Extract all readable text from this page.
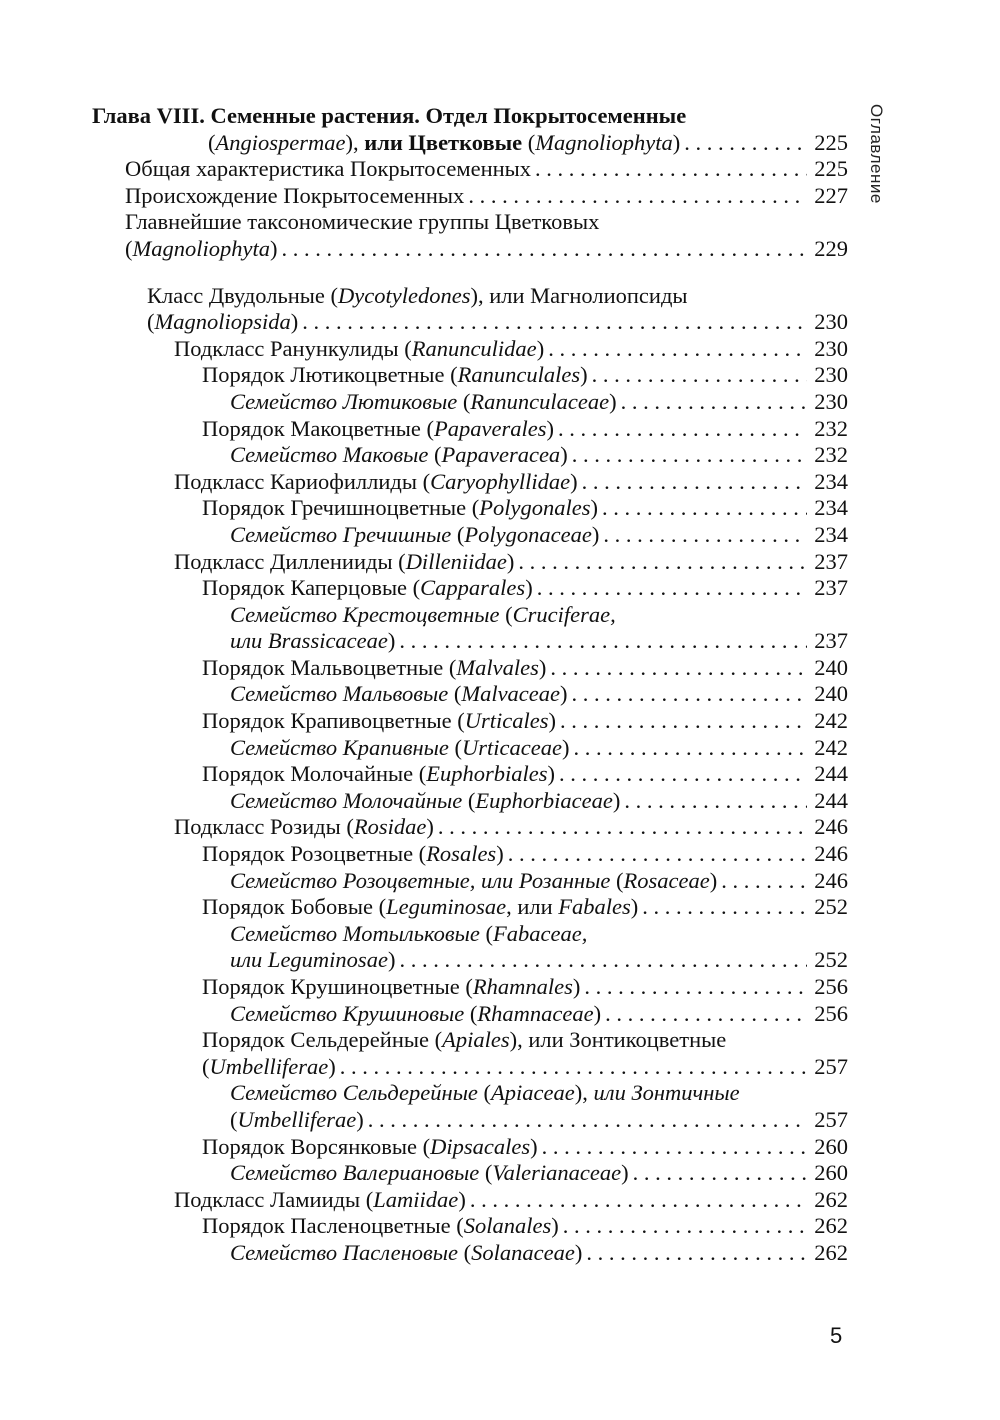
Оглавление
Глава VIII. Семенные растения. Отдел Покрытосеменные
(Angiospermae), или Цветковые (Magnoliophyta) . . .	225
Общая характеристика Покрытосеменных . . .	225
Происхождение Покрытосеменных . . .	227
Главнейшие таксономические группы Цветковых
(Magnoliophyta) . . .	229
Класс Двудольные (Dycotyledones), или Магнолиопсиды
(Magnoliopsida) . . .	230
Подкласс Ранункулиды (Ranunculidae) . . .	230
Порядок Лютикоцветные (Ranunculales) . . .	230
Семейство Лютиковые (Ranunculaceae) . . .	230
Порядок Макоцветные (Papaverales) . . .	232
Семейство Маковые (Papaveracea) . . .	232
Подкласс Кариофиллиды (Caryophyllidae) . . .	234
Порядок Гречишноцветные (Polygonales) . . .	234
Семейство Гречишные (Polygonaceae) . . .	234
Подкласс Дилленииды (Dilleniidae) . . .	237
Порядок Каперцовые (Capparales) . . .	237
Семейство Крестоцветные (Cruciferae,
или Brassicaceae) . . .	237
Порядок Мальвоцветные (Malvales) . . .	240
Семейство Мальвовые (Malvaceae) . . .	240
Порядок Крапивоцветные (Urticales) . . .	242
Семейство Крапивные (Urticaceae) . . .	242
Порядок Молочайные (Euphorbiales) . . .	244
Семейство Молочайные (Euphorbiaceae) . . .	244
Подкласс Розиды (Rosidae) . . .	246
Порядок Розоцветные (Rosales) . . .	246
Семейство Розоцветные, или Розанные (Rosaceae) . . .	246
Порядок Бобовые (Leguminosae, или Fabales) . . .	252
Семейство Мотыльковые (Fabaceae,
или Leguminosae) . . .	252
Порядок Крушиноцветные (Rhamnales) . . .	256
Семейство Крушиновые (Rhamnaceae) . . .	256
Порядок Сельдерейные (Apiales), или Зонтикоцветные
(Umbelliferae) . . .	257
Семейство Сельдерейные (Apiaceae), или Зонтичные
(Umbelliferae) . . .	257
Порядок Ворсянковые (Dipsacales) . . .	260
Семейство Валериановые (Valerianaceae) . . .	260
Подкласс Ламииды (Lamiidae) . . .	262
Порядок Пасленоцветные (Solanales) . . .	262
Семейство Пасленовые (Solanaceae) . . .	262
5
